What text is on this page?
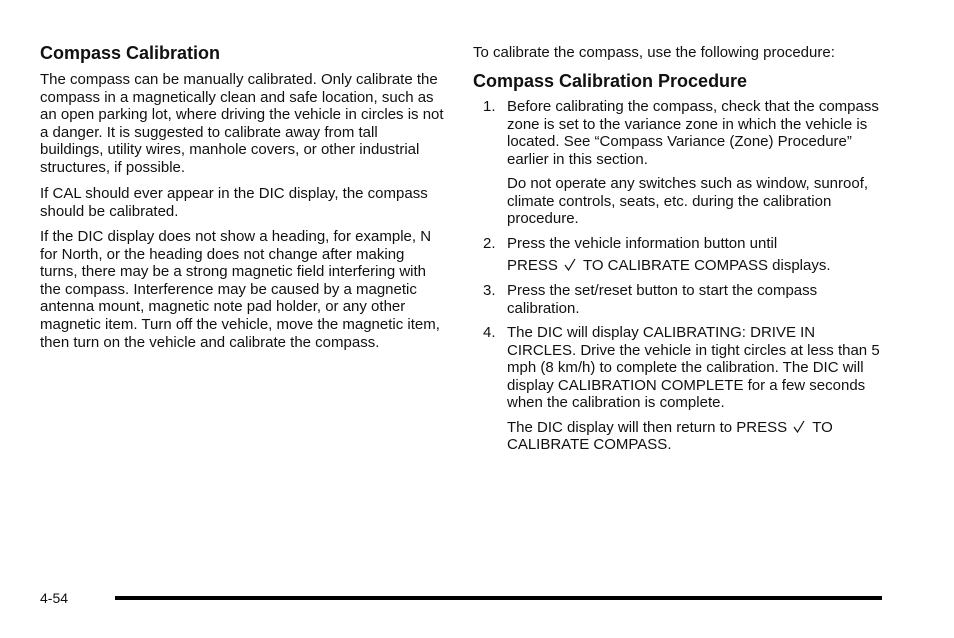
Compass Calibration

The compass can be manually calibrated. Only calibrate the compass in a magnetically clean and safe location, such as an open parking lot, where driving the vehicle in circles is not a danger. It is suggested to calibrate away from tall buildings, utility wires, manhole covers, or other industrial structures, if possible.

If CAL should ever appear in the DIC display, the compass should be calibrated.

If the DIC display does not show a heading, for example, N for North, or the heading does not change after making turns, there may be a strong magnetic field interfering with the compass. Interference may be caused by a magnetic antenna mount, magnetic note pad holder, or any other magnetic item. Turn off the vehicle, move the magnetic item, then turn on the vehicle and calibrate the compass.

To calibrate the compass, use the following procedure:

Compass Calibration Procedure
1. Before calibrating the compass, check that the compass zone is set to the variance zone in which the vehicle is located. See “Compass Variance (Zone) Procedure” earlier in this section.

Do not operate any switches such as window, sunroof, climate controls, seats, etc. during the calibration procedure.

2. Press the vehicle information button until
PRESS TO CALIBRATE COMPASS displays.

3. Press the set/reset button to start the compass calibration.

4. The DIC will display CALIBRATING: DRIVE IN CIRCLES. Drive the vehicle in tight circles at less than 5 mph (8 km/h) to complete the calibration. The DIC will display CALIBRATION COMPLETE for a few seconds when the calibration is complete.

The DIC display will then return to PRESS TO CALIBRATE COMPASS.

4-54
